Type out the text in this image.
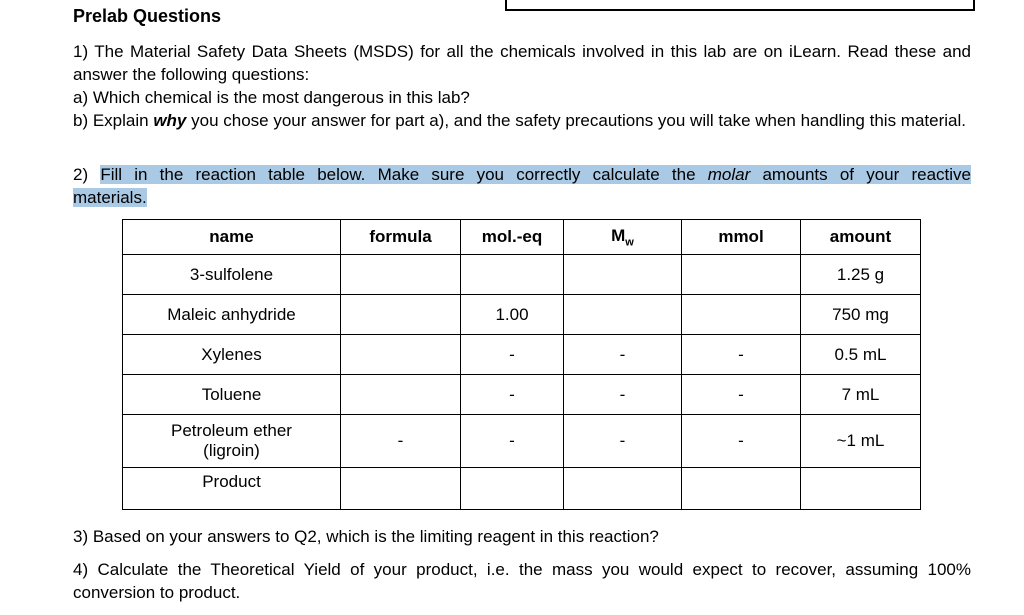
Prelab Questions
1) The Material Safety Data Sheets (MSDS) for all the chemicals involved in this lab are on iLearn. Read these and answer the following questions:
a) Which chemical is the most dangerous in this lab?
b) Explain why you chose your answer for part a), and the safety precautions you will take when handling this material.
2) Fill in the reaction table below. Make sure you correctly calculate the molar amounts of your reactive
materials.
name	formula	mol.-eq	$M_w$	mmol	amount
3-sulfolene					1.25 g
Maleic anhydride		1.00			750 mg
Xylenes		-	-	-	0.5 mL
Toluene		-	-	-	7 mL

Petroleum ether
(ligroin)	-	-	-	-	~1 mL
Product					
3) Based on your answers to Q2, which is the limiting reagent in this reaction?
4) Calculate the Theoretical Yield of your product, i.e. the mass you would expect to recover, assuming 100% conversion to product.
